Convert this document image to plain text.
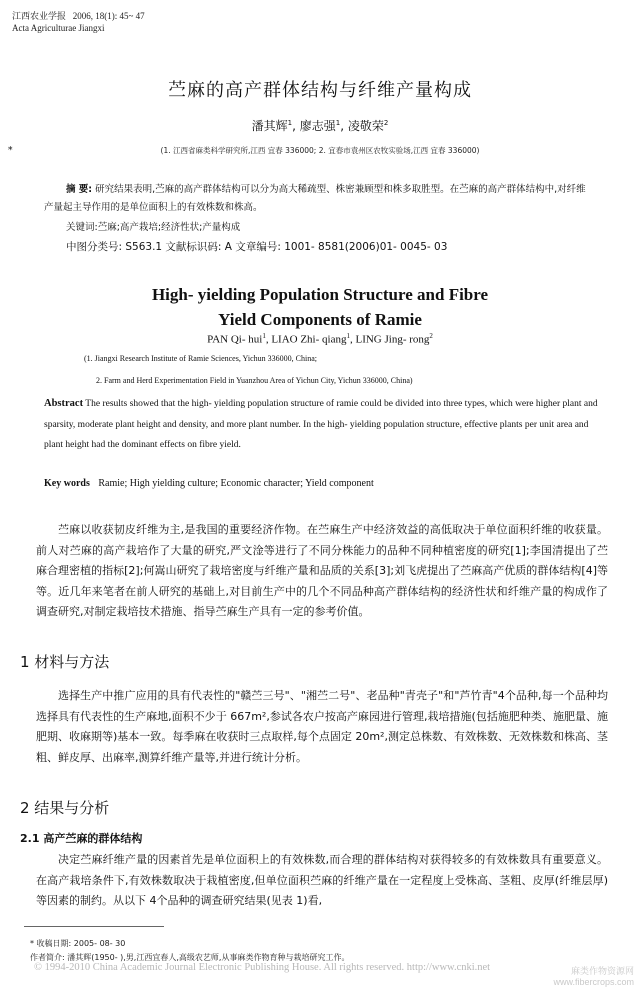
江西农业学报 2006, 18(1): 45~ 47
Acta Agriculturae Jiangxi
*
苎麻的高产群体结构与纤维产量构成
潘其辉$^1$, 廖志强$^1$, 凌敬荣$^2$
(1. 江西省麻类科学研究所,江西 宜春 336000; 2. 宜春市袁州区农牧实验场,江西 宜春 336000)
摘 要: 研究结果表明,苎麻的高产群体结构可以分为高大稀疏型、株密兼顾型和株多取胜型。在苎麻的高产群体结构中,对纤维产量起主导作用的是单位面积上的有效株数和株高。
关键词:苎麻;高产栽培;经济性状;产量构成
中图分类号: S563.1 文献标识码: A 文章编号: 1001- 8581(2006)01- 0045- 03
High- yielding Population Structure and Fibre
Yield Components of Ramie
PAN Qi- hui$^1$, LIAO Zhi- qiang$^1$, LING Jing- rong$^2$
(1. Jiangxi Research Institute of Ramie Sciences, Yichun 336000, China;
2. Farm and Herd Experimentation Field in Yuanzhou Area of Yichun City, Yichun 336000, China)
Abstract The results showed that the high- yielding population structure of ramie could be divided into three types, which were higher plant and sparsity, moderate plant height and density, and more plant number. In the high- yielding population structure, effective plants per unit area and plant height had the dominant effects on fibre yield.
Key words Ramie; High yielding culture; Economic character; Yield component
苎麻以收获韧皮纤维为主,是我国的重要经济作物。在苎麻生产中经济效益的高低取决于单位面积纤维的收获量。前人对苎麻的高产栽培作了大量的研究,严文淦等进行了不同分株能力的品种不同种植密度的研究[1];李国清提出了苎麻合理密植的指标[2];何嵩山研究了栽培密度与纤维产量和品质的关系[3];刘飞虎提出了苎麻高产优质的群体结构[4]等等。近几年来笔者在前人研究的基础上,对目前生产中的几个不同品种高产群体结构的经济性状和纤维产量的构成作了调查研究,对制定栽培技术措施、指导苎麻生产具有一定的参考价值。
1 材料与方法
选择生产中推广应用的具有代表性的"赣苎三号"、"湘苎二号"、老品种"青壳子"和"芦竹青"4个品种,每一个品种均选择具有代表性的生产麻地,面积不少于 667m²,参试各农户按高产麻园进行管理,栽培措施(包括施肥种类、施肥量、施肥期、收麻期等)基本一致。每季麻在收获时三点取样,每个点固定 20m²,测定总株数、有效株数、无效株数和株高、茎粗、鲜皮厚、出麻率,测算纤维产量等,并进行统计分析。
2 结果与分析
2.1 高产苎麻的群体结构
决定苎麻纤维产量的因素首先是单位面积上的有效株数,而合理的群体结构对获得较多的有效株数具有重要意义。在高产栽培条件下,有效株数取决于栽植密度,但单位面积苎麻的纤维产量在一定程度上受株高、茎粗、皮厚(纤维层厚)等因素的制约。从以下 4个品种的调查研究结果(见表 1)看,
* 收稿日期: 2005- 08- 30
作者简介: 潘其辉(1950- ),男,江西宜春人,高级农艺师,从事麻类作物育种与栽培研究工作。
© 1994-2010 China Academic Journal Electronic Publishing House. All rights reserved. http://www.cnki.net	麻类作物资源网
www.fibercrops.com
